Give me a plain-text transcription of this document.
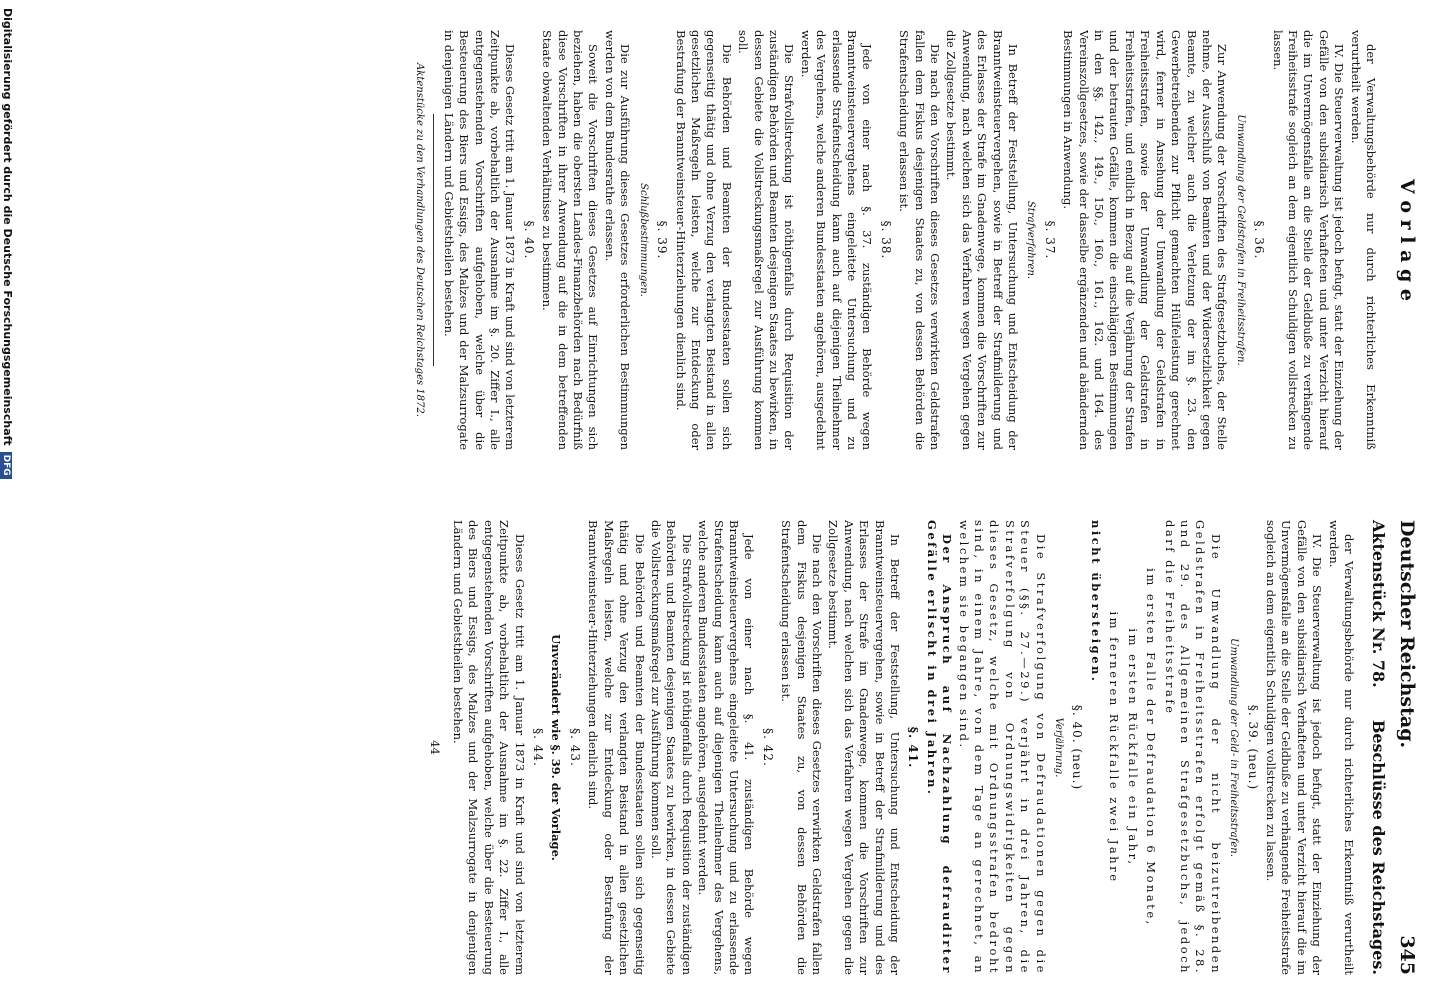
V o r l a g e
Deutscher Reichstag.
345
Aktenstück Nr. 78.
Beschlüsse des Reichstages.

der Verwaltungsbehörde nur durch richterliches Erkenntniß verurtheilt werden.

IV. Die Steuerverwaltung ist jedoch befugt, statt der Einziehung der Gefälle von den subsidiarisch Verhafteten und unter Verzicht hierauf die im Unvermögensfalle an die Stelle der Geldbuße zu verhängende Freiheitsstrafe sogleich an dem eigentlich Schuldigen vollstrecken zu lassen.

§. 36.

Umwandlung der Geldstrafen in Freiheitsstrafen.

Zur Anwendung der Vorschriften des Strafgesetzbuches, der Stelle nehme, der Ausschluß von Beamten und der Widersetzlichkeit gegen Beamte, zu welcher auch die Verletzung der im §. 23. den Gewerbetreibenden zur Pflicht gemachten Hülfeleistung gerechnet wird, ferner in Ansehung der Umwandlung der Geldstrafen in Freiheitsstrafen, sowie der Umwandlung der Geldstrafen in Freiheitsstrafen, und endlich in Bezug auf die Verjährung der Strafen und der betrauten Gefälle, kommen die einschlägigen Bestimmungen in den §§. 142., 149., 150., 160., 161., 162. und 164. des Vereinszollgesetzes, sowie der dasselbe ergänzenden und abändernden Bestimmungen in Anwendung.

§. 37.

Strafverfahren.

In Betreff der Feststellung, Untersuchung und Entscheidung der Branntweinsteuervergehen, sowie in Betreff der Strafmilderung und des Erlasses der Strafe im Gnadenwege, kommen die Vorschriften zur Anwendung, nach welchen sich das Verfahren wegen Vergehen gegen die Zollgesetze bestimmt.

Die nach den Vorschriften dieses Gesetzes verwirkten Geldstrafen fallen dem Fiskus desjenigen Staates zu, von dessen Behörden die Strafentscheidung erlassen ist.

§. 38.

Jede von einer nach §. 37. zuständigen Behörde wegen Branntweinsteuervergehens eingeleitete Untersuchung und zu erlassende Strafentscheidung kann auch auf diejenigen Theilnehmer des Vergehens, welche anderen Bundesstaaten angehören, ausgedehnt werden.

Die Strafvollstreckung ist nöthigenfalls durch Requisition der zuständigen Behörden und Beamten desjenigen Staates zu bewirken, in dessen Gebiete die Vollstreckungsmaßregel zur Ausführung kommen soll.

Die Behörden und Beamten der Bundesstaaten sollen sich gegenseitig thätig und ohne Verzug den verlangten Beistand in allen gesetzlichen Maßregeln leisten, welche zur Entdeckung oder Bestrafung der Branntweinsteuer-Hinterziehungen dienlich sind.

§. 39.

Schlußbestimmungen.

Die zur Ausführung dieses Gesetzes erforderlichen Bestimmungen werden von dem Bundesrathe erlassen.

Soweit die Vorschriften dieses Gesetzes auf Einrichtungen sich beziehen, haben die obersten Landes-Finanzbehörden nach Bedürfniß diese Vorschriften in ihrer Anwendung auf die in dem betreffenden Staate obwaltenden Verhältnisse zu bestimmen.

§. 40.

Dieses Gesetz tritt am 1. Januar 1873 in Kraft und sind von letzterem Zeitpunkte ab, vorbehaltlich der Ausnahme im §. 20. Ziffer I., alle entgegenstehenden Vorschriften aufgehoben, welche über die Besteuerung des Biers und Essigs, des Malzes und der Malzsurrogate in denjenigen Ländern und Gebietstheilen bestehen.

Aktenstücke zu den Verhandlungen des Deutschen Reichstages 1872.

der Verwaltungsbehörde nur durch richterliches Erkenntniß verurtheilt werden.

IV. Die Steuerverwaltung ist jedoch befugt, statt der Einziehung der Gefälle von den subsidiarisch Verhafteten und unter Verzicht hierauf die im Unvermögensfalle an die Stelle der Geldbuße zu verhängende Freiheitsstrafe sogleich an dem eigentlich Schuldigen vollstrecken zu lassen.

§. 39. (neu.)

Umwandlung der Geld- in Freiheitsstrafen.

Die Umwandlung der nicht beizutreibenden Geldstrafen in Freiheitsstrafen erfolgt gemäß §. 28. und 29. des Allgemeinen Strafgesetzbuchs, jedoch darf die Freiheitsstrafe

im ersten Falle der Defraudation 6 Monate,

im ersten Rückfalle ein Jahr,

im ferneren Rückfalle zwei Jahre

nicht übersteigen.

§. 40. (neu.)

Verjährung.

Die Strafverfolgung von Defraudationen gegen die Steuer (§§. 27.—29.) verjährt in drei Jahren, die Strafverfolgung von Ordnungswidrigkeiten gegen dieses Gesetz, welche mit Ordnungsstrafen bedroht sind, in einem Jahre, von dem Tage an gerechnet, an welchem sie begangen sind.

Der Anspruch auf Nachzahlung defraudirter Gefälle erlischt in drei Jahren.

§. 41.

In Betreff der Feststellung, Untersuchung und Entscheidung der Branntweinsteuervergehen, sowie in Betreff der Strafmilderung und des Erlasses der Strafe im Gnadenwege, kommen die Vorschriften zur Anwendung, nach welchen sich das Verfahren wegen Vergehen gegen die Zollgesetze bestimmt.

Die nach den Vorschriften dieses Gesetzes verwirkten Geldstrafen fallen dem Fiskus desjenigen Staates zu, von dessen Behörden die Strafentscheidung erlassen ist.

§. 42.

Jede von einer nach §. 41. zuständigen Behörde wegen Branntweinsteuervergehens eingeleitete Untersuchung und zu erlassende Strafentscheidung kann auch auf diejenigen Theilnehmer des Vergehens, welche anderen Bundesstaaten angehören, ausgedehnt werden.

Die Strafvollstreckung ist nöthigenfalls durch Requisition der zuständigen Behörden und Beamten desjenigen Staates zu bewirken, in dessen Gebiete die Vollstreckungsmaßregel zur Ausführung kommen soll.

Die Behörden und Beamten der Bundesstaaten sollen sich gegenseitig thätig und ohne Verzug den verlangten Beistand in allen gesetzlichen Maßregeln leisten, welche zur Entdeckung oder Bestrafung der Branntweinsteuer-Hinterziehungen dienlich sind.

§. 43.

Unverändert wie §. 39. der Vorlage.

§. 44.

Dieses Gesetz tritt am 1. Januar 1873 in Kraft und sind von letzterem Zeitpunkte ab, vorbehaltlich der Ausnahme im §. 22. Ziffer I., alle entgegenstehenden Vorschriften aufgehoben, welche über die Besteuerung des Biers und Essigs, des Malzes und der Malzsurrogate in denjenigen Ländern und Gebietstheilen bestehen.

44

Digitalisierung gefördert durch die Deutsche ForschungsgemeinschaftDFG
